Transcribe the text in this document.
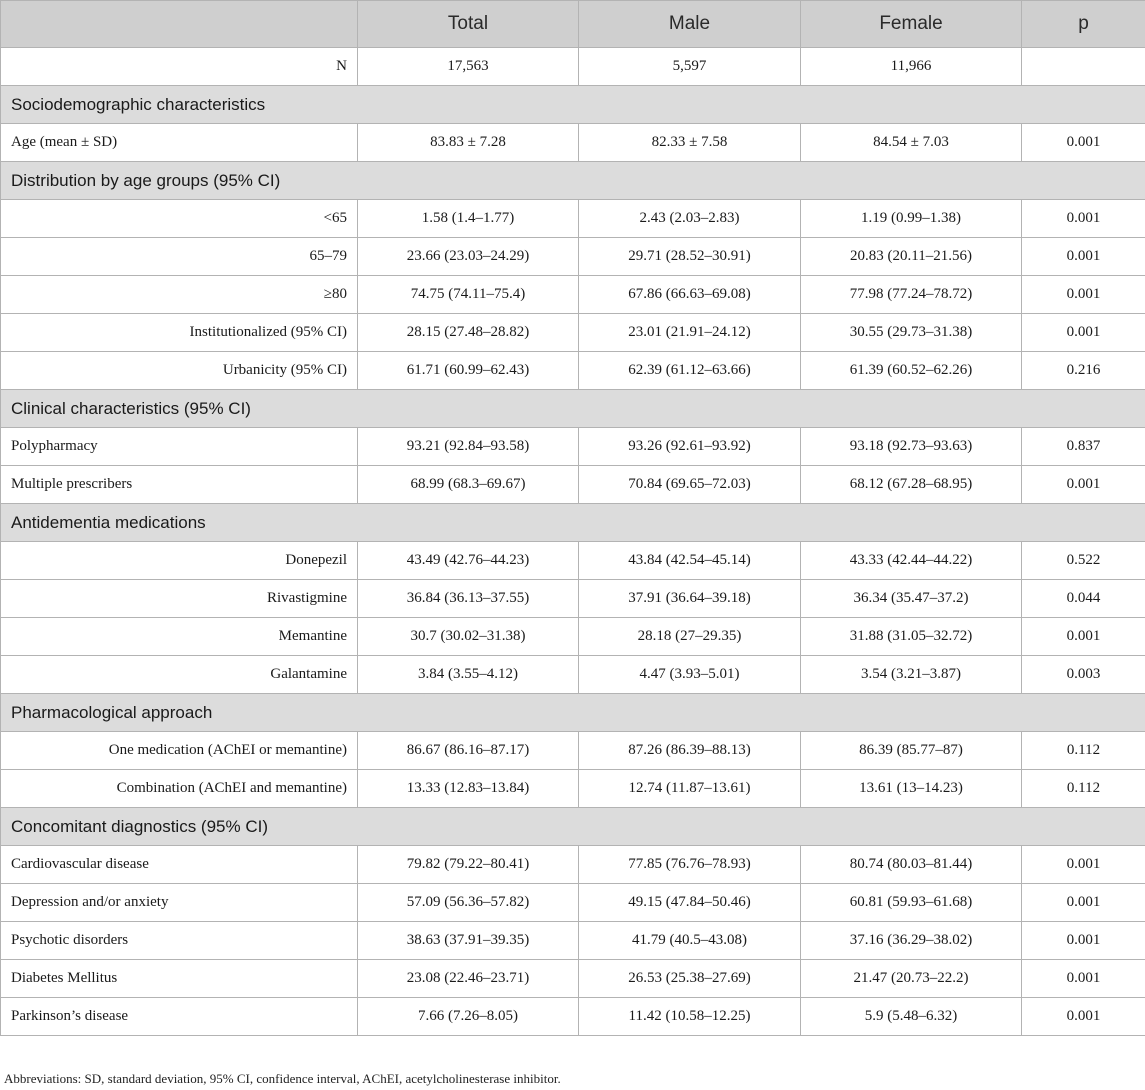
	Total	Male	Female	p
N	17,563	5,597	11,966	
Sociodemographic characteristics				
Age (mean ± SD)	83.83 ± 7.28	82.33 ± 7.58	84.54 ± 7.03	0.001
Distribution by age groups (95% CI)				
<65	1.58 (1.4–1.77)	2.43 (2.03–2.83)	1.19 (0.99–1.38)	0.001
65–79	23.66 (23.03–24.29)	29.71 (28.52–30.91)	20.83 (20.11–21.56)	0.001
≥80	74.75 (74.11–75.4)	67.86 (66.63–69.08)	77.98 (77.24–78.72)	0.001
Institutionalized (95% CI)	28.15 (27.48–28.82)	23.01 (21.91–24.12)	30.55 (29.73–31.38)	0.001
Urbanicity (95% CI)	61.71 (60.99–62.43)	62.39 (61.12–63.66)	61.39 (60.52–62.26)	0.216
Clinical characteristics (95% CI)				
Polypharmacy	93.21 (92.84–93.58)	93.26 (92.61–93.92)	93.18 (92.73–93.63)	0.837
Multiple prescribers	68.99 (68.3–69.67)	70.84 (69.65–72.03)	68.12 (67.28–68.95)	0.001
Antidementia medications				
Donepezil	43.49 (42.76–44.23)	43.84 (42.54–45.14)	43.33 (42.44–44.22)	0.522
Rivastigmine	36.84 (36.13–37.55)	37.91 (36.64–39.18)	36.34 (35.47–37.2)	0.044
Memantine	30.7 (30.02–31.38)	28.18 (27–29.35)	31.88 (31.05–32.72)	0.001
Galantamine	3.84 (3.55–4.12)	4.47 (3.93–5.01)	3.54 (3.21–3.87)	0.003
Pharmacological approach				
One medication (AChEI or memantine)	86.67 (86.16–87.17)	87.26 (86.39–88.13)	86.39 (85.77–87)	0.112
Combination (AChEI and memantine)	13.33 (12.83–13.84)	12.74 (11.87–13.61)	13.61 (13–14.23)	0.112
Concomitant diagnostics (95% CI)				
Cardiovascular disease	79.82 (79.22–80.41)	77.85 (76.76–78.93)	80.74 (80.03–81.44)	0.001
Depression and/or anxiety	57.09 (56.36–57.82)	49.15 (47.84–50.46)	60.81 (59.93–61.68)	0.001
Psychotic disorders	38.63 (37.91–39.35)	41.79 (40.5–43.08)	37.16 (36.29–38.02)	0.001
Diabetes Mellitus	23.08 (22.46–23.71)	26.53 (25.38–27.69)	21.47 (20.73–22.2)	0.001
Parkinson’s disease	7.66 (7.26–8.05)	11.42 (10.58–12.25)	5.9 (5.48–6.32)	0.001
Abbreviations: SD, standard deviation, 95% CI, confidence interval, AChEI, acetylcholinesterase inhibitor.
